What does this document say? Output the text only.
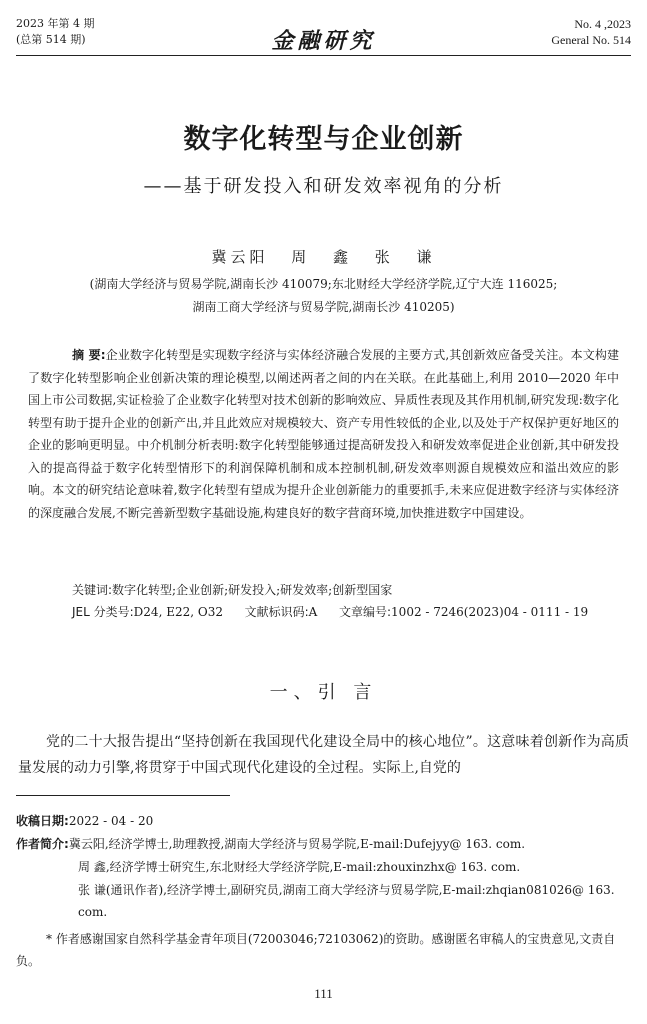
2023 年第 4 期
(总第 514 期)	金融研究
No. 4 ,2023
General No. 514
数字化转型与企业创新
——基于研发投入和研发效率视角的分析
冀云阳 周 鑫 张 谦
(湖南大学经济与贸易学院,湖南长沙 410079;东北财经大学经济学院,辽宁大连 116025;
湖南工商大学经济与贸易学院,湖南长沙 410205)
摘 要:企业数字化转型是实现数字经济与实体经济融合发展的主要方式,其创新效应备受关注。本文构建了数字化转型影响企业创新决策的理论模型,以阐述两者之间的内在关联。在此基础上,利用 2010—2020 年中国上市公司数据,实证检验了企业数字化转型对技术创新的影响效应、异质性表现及其作用机制,研究发现:数字化转型有助于提升企业的创新产出,并且此效应对规模较大、资产专用性较低的企业,以及处于产权保护更好地区的企业的影响更明显。中介机制分析表明:数字化转型能够通过提高研发投入和研发效率促进企业创新,其中研发投入的提高得益于数字化转型情形下的利润保障机制和成本控制机制,研发效率则源自规模效应和溢出效应的影响。本文的研究结论意味着,数字化转型有望成为提升企业创新能力的重要抓手,未来应促进数字经济与实体经济的深度融合发展,不断完善新型数字基础设施,构建良好的数字营商环境,加快推进数字中国建设。
关键词:数字化转型;企业创新;研发投入;研发效率;创新型国家
JEL 分类号:D24, E22, O32 文献标识码:A 文章编号:1002 - 7246(2023)04 - 0111 - 19
一、引 言
党的二十大报告提出“坚持创新在我国现代化建设全局中的核心地位”。这意味着创新作为高质量发展的动力引擎,将贯穿于中国式现代化建设的全过程。实际上,自党的
收稿日期:2022 - 04 - 20
作者简介:冀云阳,经济学博士,助理教授,湖南大学经济与贸易学院,E-mail:Dufejyy@ 163. com.
周 鑫,经济学博士研究生,东北财经大学经济学院,E-mail:zhouxinzhx@ 163. com.
张 谦(通讯作者),经济学博士,副研究员,湖南工商大学经济与贸易学院,E-mail:zhqian081026@ 163. com.
* 作者感谢国家自然科学基金青年项目(72003046;72103062)的资助。感谢匿名审稿人的宝贵意见,文责自负。
111
